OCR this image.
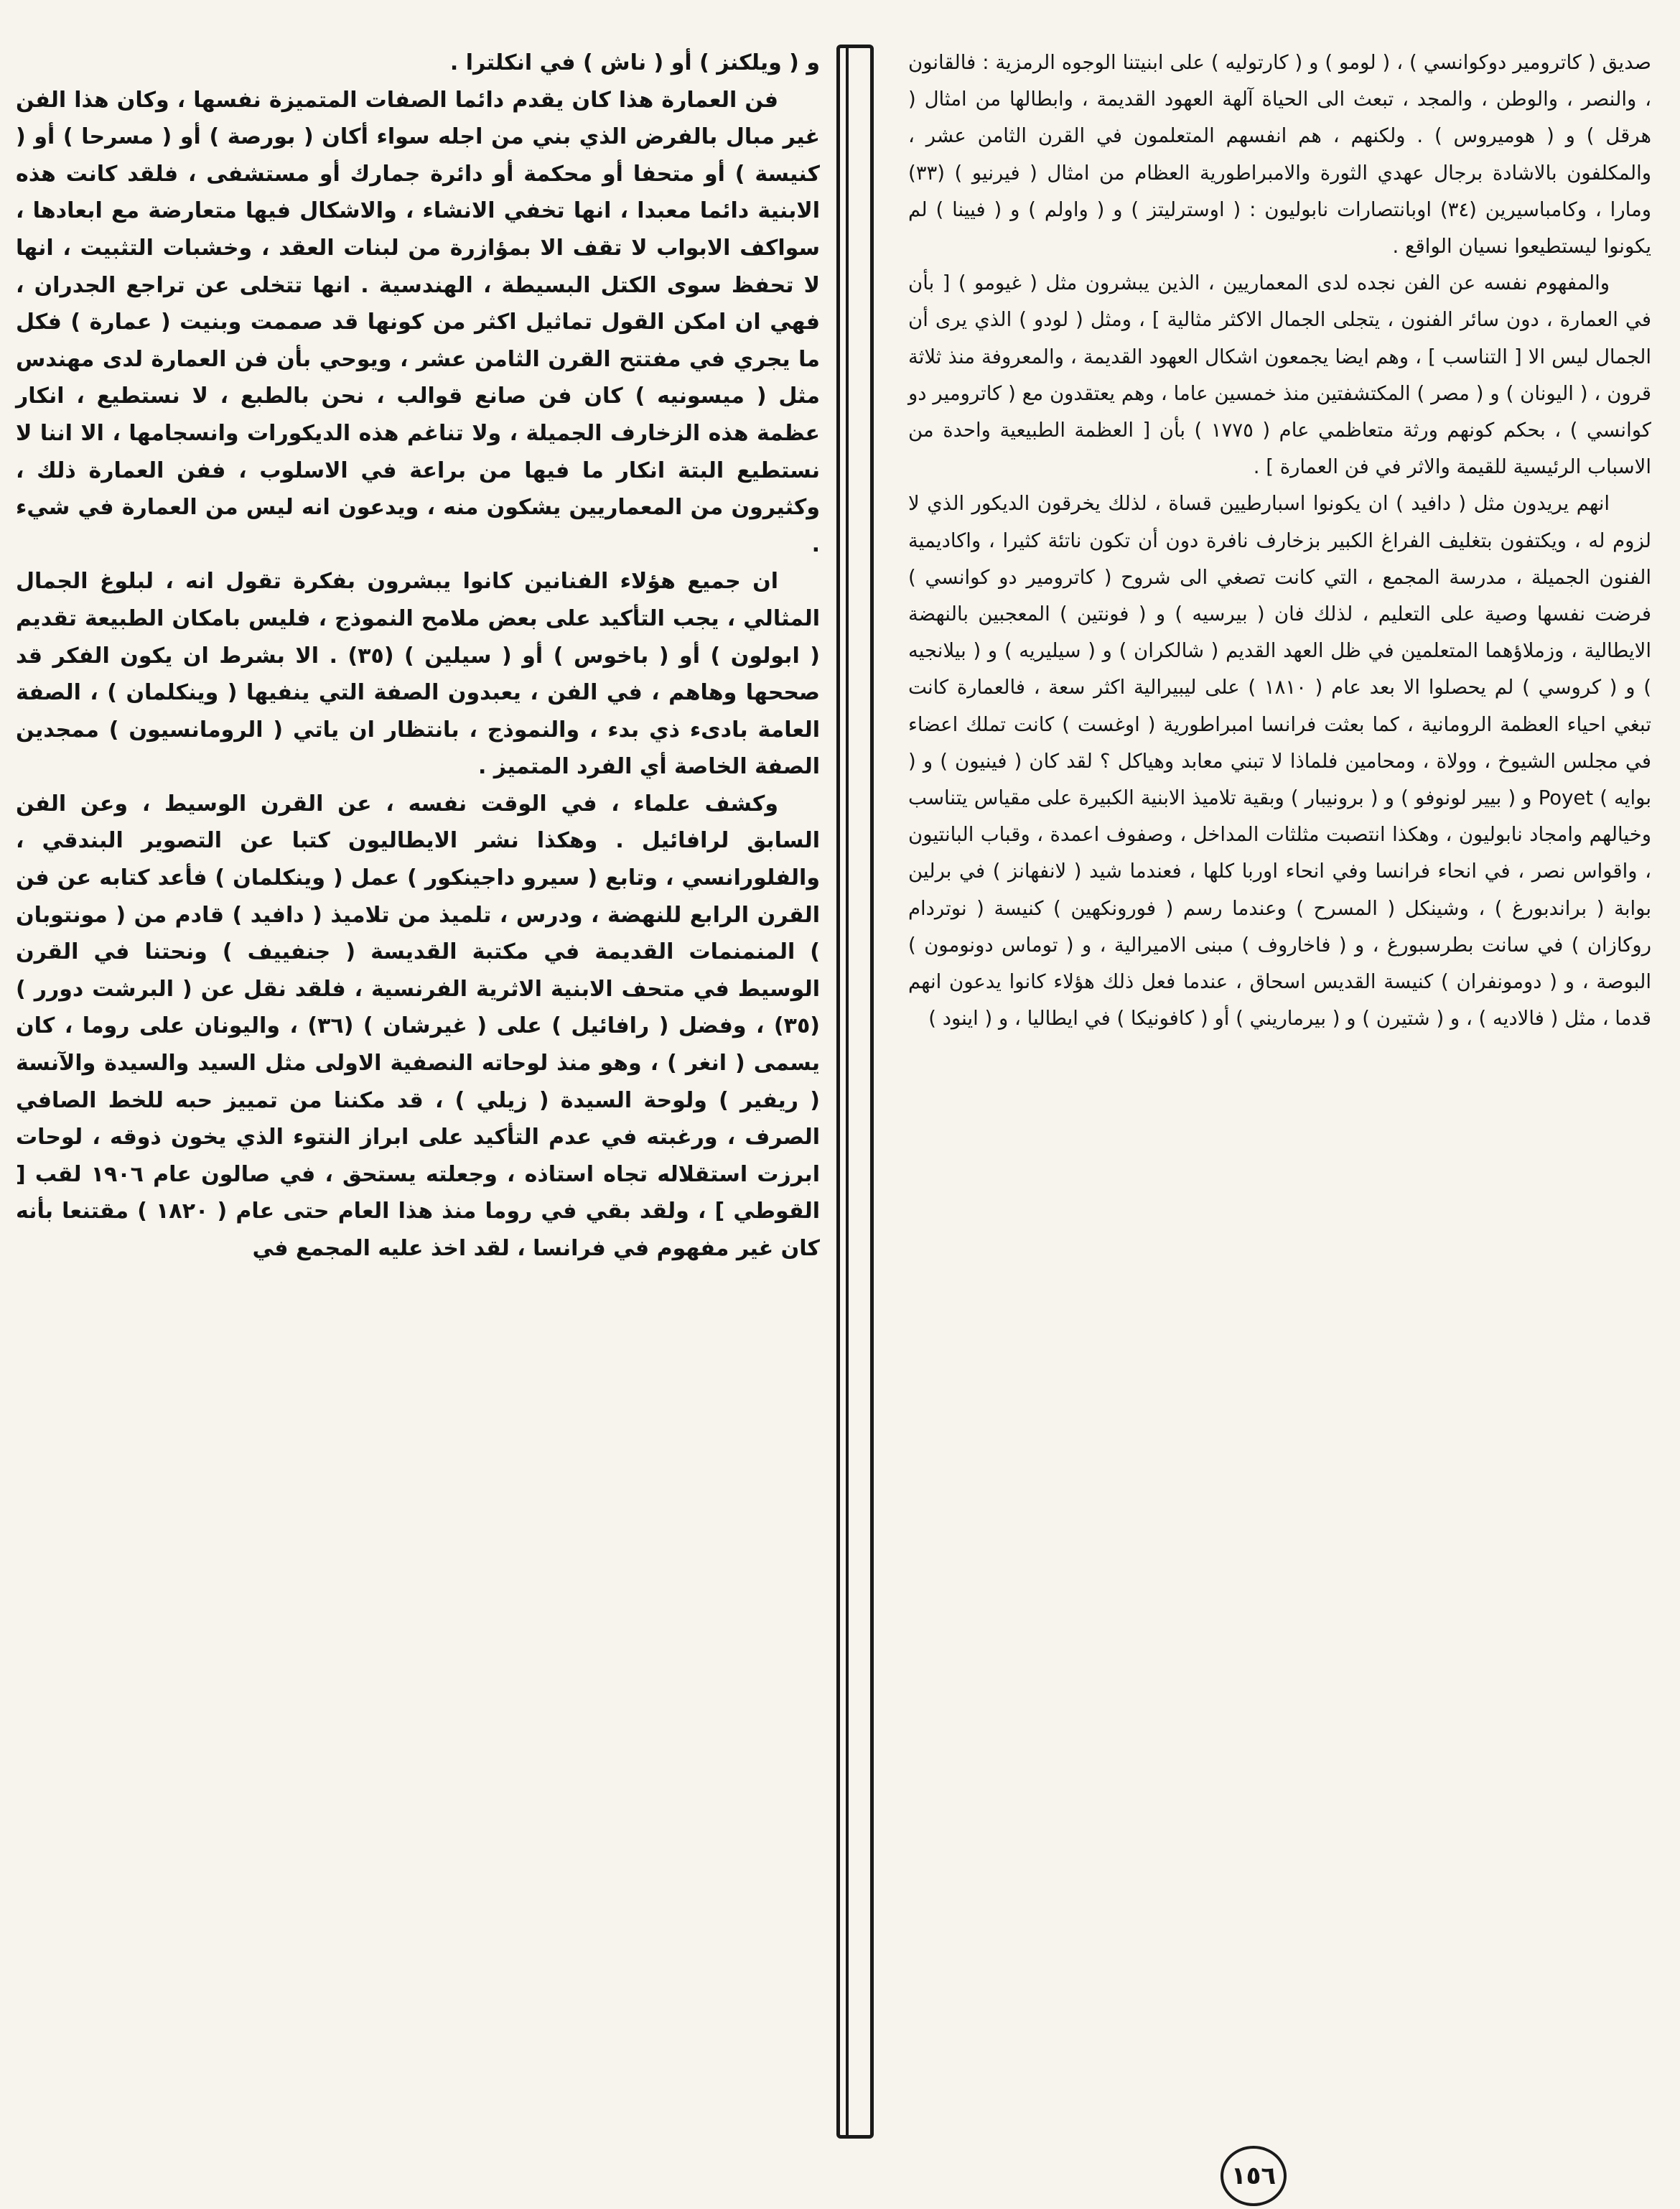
صديق ( كاترومير دوكوانسي ) ، ( لومو ) و ( كارتوليه ) على ابنيتنا الوجوه الرمزية : فالقانون ، والنصر ، والوطن ، والمجد ، تبعث الى الحياة آلهة العهود القديمة ، وابطالها من امثال ( هرقل ) و ( هوميروس ) . ولكنهم ، هم انفسهم المتعلمون في القرن الثامن عشر ، والمكلفون بالاشادة برجال عهدي الثورة والامبراطورية العظام من امثال ( فيرنيو ) (٣٣) ومارا ، وكامباسيرين (٣٤) اوبانتصارات نابوليون : ( اوسترليتز ) و ( واولم ) و ( فيينا ) لم يكونوا ليستطيعوا نسيان الواقع .

والمفهوم نفسه عن الفن نجده لدى المعماريين ، الذين يبشرون مثل ( غيومو ) [ بأن في العمارة ، دون سائر الفنون ، يتجلى الجمال الاكثر مثالية ] ، ومثل ( لودو ) الذي يرى أن الجمال ليس الا [ التناسب ] ، وهم ايضا يجمعون اشكال العهود القديمة ، والمعروفة منذ ثلاثة قرون ، ( اليونان ) و ( مصر ) المكتشفتين منذ خمسين عاما ، وهم يعتقدون مع ( كاترومير دو كوانسي ) ، بحكم كونهم ورثة متعاظمي عام ( ١٧٧٥ ) بأن [ العظمة الطبيعية واحدة من الاسباب الرئيسية للقيمة والاثر في فن العمارة ] .

انهم يريدون مثل ( دافيد ) ان يكونوا اسبارطيين قساة ، لذلك يخرقون الديكور الذي لا لزوم له ، ويكتفون بتغليف الفراغ الكبير بزخارف نافرة دون أن تكون ناتئة كثيرا ، واكاديمية الفنون الجميلة ، مدرسة المجمع ، التي كانت تصغي الى شروح ( كاترومير دو كوانسي ) فرضت نفسها وصية على التعليم ، لذلك فان ( بيرسيه ) و ( فونتين ) المعجبين بالنهضة الايطالية ، وزملاؤهما المتعلمين في ظل العهد القديم ( شالكران ) و ( سيليريه ) و ( بيلانجيه ) و ( كروسي ) لم يحصلوا الا بعد عام ( ١٨١٠ ) على ليبيرالية اكثر سعة ، فالعمارة كانت تبغي احياء العظمة الرومانية ، كما بعثت فرانسا امبراطورية ( اوغست ) كانت تملك اعضاء في مجلس الشيوخ ، وولاة ، ومحامين فلماذا لا تبني معابد وهياكل ؟ لقد كان ( فينيون ) و ( بوايه ) Poyet و ( بيير لونوفو ) و ( برونيبار ) وبقية تلاميذ الابنية الكبيرة على مقياس يتناسب وخيالهم وامجاد نابوليون ، وهكذا انتصبت مثلثات المداخل ، وصفوف اعمدة ، وقباب البانتيون ، واقواس نصر ، في انحاء فرانسا وفي انحاء اوربا كلها ، فعندما شيد ( لانفهانز ) في برلين بوابة ( براندبورغ ) ، وشينكل ( المسرح ) وعندما رسم ( فورونكهين ) كنيسة ( نوتردام روكازان ) في سانت بطرسبورغ ، و ( فاخاروف ) مبنى الاميرالية ، و ( توماس دونومون ) البوصة ، و ( دومونفران ) كنيسة القديس اسحاق ، عندما فعل ذلك هؤلاء كانوا يدعون انهم قدما ، مثل ( فالاديه ) ، و ( شتيرن ) و ( بيرماريني ) أو ( كافونيكا ) في ايطاليا ، و ( اينود )

و ( ويلكنز ) أو ( ناش ) في انكلترا .

فن العمارة هذا كان يقدم دائما الصفات المتميزة نفسها ، وكان هذا الفن غير مبال بالفرض الذي بني من اجله سواء أكان ( بورصة ) أو ( مسرحا ) أو ( كنيسة ) أو متحفا أو محكمة أو دائرة جمارك أو مستشفى ، فلقد كانت هذه الابنية دائما معبدا ، انها تخفي الانشاء ، والاشكال فيها متعارضة مع ابعادها ، سواكف الابواب لا تقف الا بمؤازرة من لبنات العقد ، وخشبات التثبيت ، انها لا تحفظ سوى الكتل البسيطة ، الهندسية . انها تتخلى عن تراجع الجدران ، فهي ان امكن القول تماثيل اكثر من كونها قد صممت وبنيت ( عمارة ) فكل ما يجري في مفتتح القرن الثامن عشر ، ويوحي بأن فن العمارة لدى مهندس مثل ( ميسونيه ) كان فن صانع قوالب ، نحن بالطبع ، لا نستطيع ، انكار عظمة هذه الزخارف الجميلة ، ولا تناغم هذه الديكورات وانسجامها ، الا اننا لا نستطيع البتة انكار ما فيها من براعة في الاسلوب ، ففن العمارة ذلك ، وكثيرون من المعماريين يشكون منه ، ويدعون انه ليس من العمارة في شيء .

ان جميع هؤلاء الفنانين كانوا يبشرون بفكرة تقول انه ، لبلوغ الجمال المثالي ، يجب التأكيد على بعض ملامح النموذج ، فليس بامكان الطبيعة تقديم ( ابولون ) أو ( باخوس ) أو ( سيلين ) (٣٥) . الا بشرط ان يكون الفكر قد صححها وهاهم ، في الفن ، يعبدون الصفة التي ينفيها ( وينكلمان ) ، الصفة العامة بادىء ذي بدء ، والنموذج ، بانتظار ان ياتي ( الرومانسيون ) ممجدين الصفة الخاصة أي الفرد المتميز .

وكشف علماء ، في الوقت نفسه ، عن القرن الوسيط ، وعن الفن السابق لرافائيل . وهكذا نشر الايطاليون كتبا عن التصوير البندقي ، والفلورانسي ، وتابع ( سيرو داجينكور ) عمل ( وينكلمان ) فأعد كتابه عن فن القرن الرابع للنهضة ، ودرس ، تلميذ من تلاميذ ( دافيد ) قادم من ( مونتوبان ) المنمنمات القديمة في مكتبة القديسة ( جنفييف ) ونحتنا في القرن الوسيط في متحف الابنية الاثرية الفرنسية ، فلقد نقل عن ( البرشت دورر ) (٣٥) ، وفضل ( رافائيل ) على ( غيرشان ) (٣٦) ، واليونان على روما ، كان يسمى ( انغر ) ، وهو منذ لوحاته النصفية الاولى مثل السيد والسيدة والآنسة ( ريفير ) ولوحة السيدة ( زيلي ) ، قد مكننا من تمييز حبه للخط الصافي الصرف ، ورغبته في عدم التأكيد على ابراز النتوء الذي يخون ذوقه ، لوحات ابرزت استقلاله تجاه استاذه ، وجعلته يستحق ، في صالون عام ١٩٠٦ لقب [ القوطي ] ، ولقد بقي في روما منذ هذا العام حتى عام ( ١٨٢٠ ) مقتنعا بأنه كان غير مفهوم في فرانسا ، لقد اخذ عليه المجمع في

١٥٦
